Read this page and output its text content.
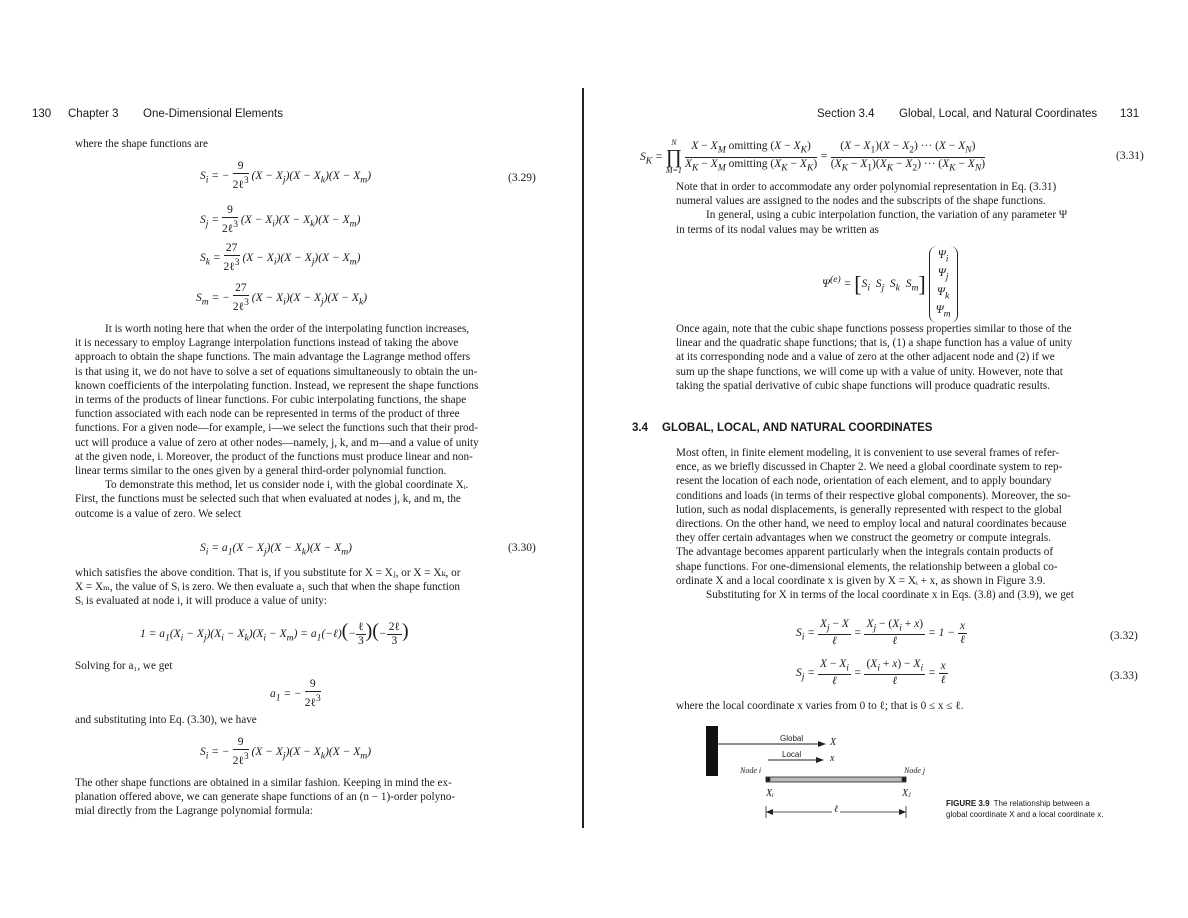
130 Chapter 3 One-Dimensional Elements
where the shape functions are
$S_i$ = − $\frac{9}{2\ell^3} (X - X_j)(X - X_k)(X - X_m)$	(3.29)
$S_j = \frac{9}{2\ell^3} (X - X_i)(X - X_k)(X - X_m)$
$S_k = \frac{27}{2\ell^3} (X - X_i)(X - X_j)(X - X_m)$
$S_m$ = − $\frac{27}{2\ell^3} (X - X_i)(X - X_j)(X - X_k)$
It is worth noting here that when the order of the interpolating function increases,
it is necessary to employ Lagrange interpolation functions instead of taking the above
approach to obtain the shape functions. The main advantage the Lagrange method offers
is that using it, we do not have to solve a set of equations simultaneously to obtain the un-
known coefficients of the interpolating function. Instead, we represent the shape functions
in terms of the products of linear functions. For cubic interpolating functions, the shape
function associated with each node can be represented in terms of the product of three
functions. For a given node—for example, i—we select the functions such that their prod-
uct will produce a value of zero at other nodes—namely, j, k, and m—and a value of unity
at the given node, i. Moreover, the product of the functions must produce linear and non-
linear terms similar to the ones given by a general third-order polynomial function.
To demonstrate this method, let us consider node i, with the global coordinate Xᵢ.
First, the functions must be selected such that when evaluated at nodes j, k, and m, the
outcome is a value of zero. We select
$S_i = a_1(X - X_j)(X - X_k)(X - X_m)$	(3.30)
which satisfies the above condition. That is, if you substitute for X = Xⱼ, or X = Xₖ, or
X = Xₘ, the value of Sᵢ is zero. We then evaluate a₁ such that when the shape function
Sᵢ is evaluated at node i, it will produce a value of unity:
$1 = a_1(X_i - X_j)(X_i - X_k)(X_i - X_m)$ = $a_1(-\ell)(- \frac{\text{ℓ}}{3}$ )(− $\frac{\text{2ℓ}}{3}$ )
Solving for a₁, we get
$a_1$ = − $\frac{9}{2\ell^3}$
and substituting into Eq. (3.30), we have
$S_i$ = − $\frac{9}{2\ell^3} (X - X_j)(X - X_k)(X - X_m)$
The other shape functions are obtained in a similar fashion. Keeping in mind the ex-
planation offered above, we can generate shape functions of an (n − 1)-order polyno-
mial directly from the Lagrange polynomial formula:
Section 3.4 Global, Local, and Natural Coordinates 131
$S_K$ =
N
∏
M=1
$\frac{X - X_M omitting (X - X_K)}{X_K - X_M omitting (X_K - X_K)} = \frac{(X - X_1)(X - X_2) \cdot\cdot\cdot (X - X_N)}{(X_K - X_1)(X_K - X_2) \cdot\cdot\cdot (X_K - X_N)}$	(3.31)
Note that in order to accommodate any order polynomial representation in Eq. (3.31)
numeral values are assigned to the nodes and the subscripts of the shape functions.
In general, using a cubic interpolation function, the variation of any parameter Ψ
in terms of its nodal values may be written as
$\Psi^{(e)} = [S_i$  $S_j$  $S_k$  $S_m$]
$\Psi_i$
$\Psi_j$
$\Psi_k$
$\Psi_m$
Once again, note that the cubic shape functions possess properties similar to those of the
linear and the quadratic shape functions; that is, (1) a shape function has a value of unity
at its corresponding node and a value of zero at the other adjacent node and (2) if we
sum up the shape functions, we will come up with a value of unity. However, note that
taking the spatial derivative of cubic shape functions will produce quadratic results.
3.4 GLOBAL, LOCAL, AND NATURAL COORDINATES
Most often, in finite element modeling, it is convenient to use several frames of refer-
ence, as we briefly discussed in Chapter 2. We need a global coordinate system to rep-
resent the location of each node, orientation of each element, and to apply boundary
conditions and loads (in terms of their respective global components). Moreover, the so-
lution, such as nodal displacements, is generally represented with respect to the global
directions. On the other hand, we need to employ local and natural coordinates because
they offer certain advantages when we construct the geometry or compute integrals.
The advantage becomes apparent particularly when the integrals contain products of
shape functions. For one-dimensional elements, the relationship between a global co-
ordinate X and a local coordinate x is given by X = Xᵢ + x, as shown in Figure 3.9.
Substituting for X in terms of the local coordinate x in Eqs. (3.8) and (3.9), we get
$S_i = \frac{X_j - X}{\text{ℓ}} = \frac{X_j - (X_i + x)}{\text{ℓ}} = 1 - \frac{x}{\text{ℓ}}$	(3.32)
$S_j = \frac{X - X_i}{\text{ℓ}} = \frac{(X_i + x) - X_i}{\text{ℓ}} = \frac{x}{\text{ℓ}}$	(3.33)
where the local coordinate x varies from 0 to ℓ; that is 0 ≤ x ≤ ℓ.
Global	X
Local	x
Node i	Node j
Xᵢ	Xⱼ
ℓ
FIGURE 3.9 The relationship between a
global coordinate X and a local coordinate x.
